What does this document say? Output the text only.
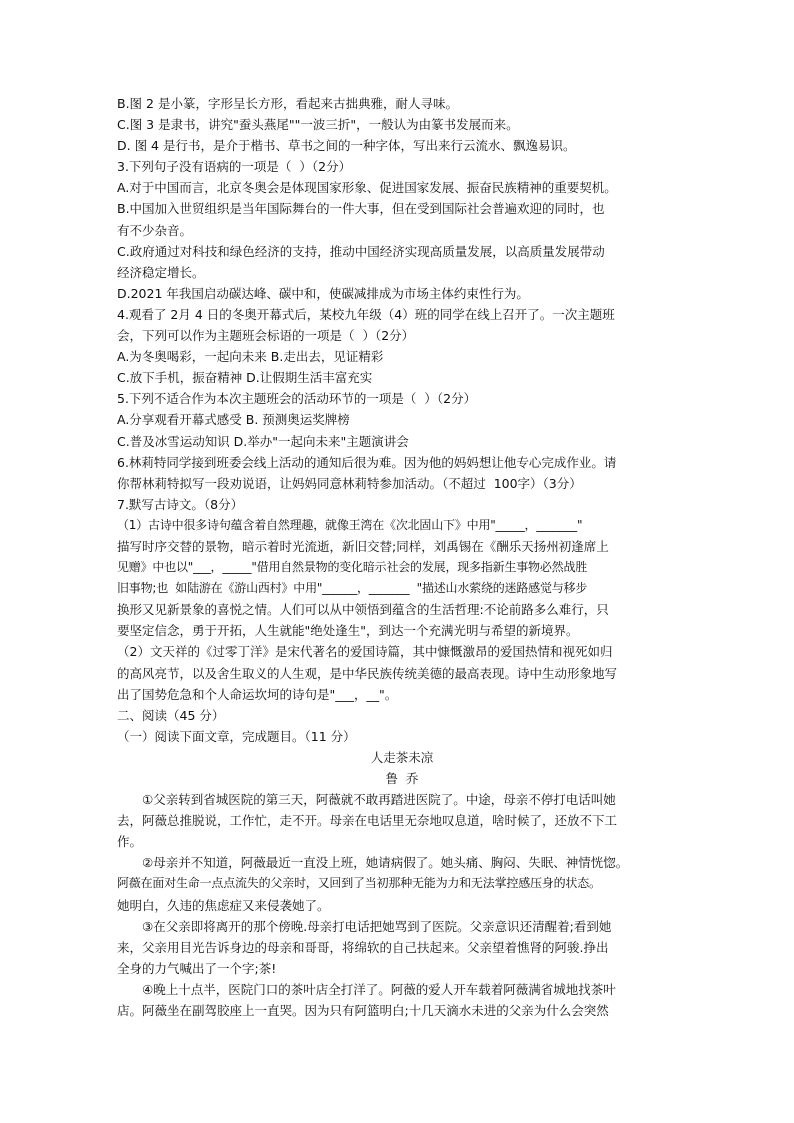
B.图 2 是小篆，字形呈长方形，看起来古拙典雅，耐人寻味。

C.图 3 是隶书，讲究"蚕头燕尾""一波三折"，一般认为由篆书发展而来。

D. 图 4 是行书，是介于楷书、草书之间的一种字体，写出来行云流水、飘逸易识。

3.下列句子没有语病的一项是（  ）（2分）

A.对于中国而言，北京冬奥会是体现国家形象、促进国家发展、振奋民族精神的重要契机。

B.中国加入世贸组织是当年国际舞台的一件大事，但在受到国际社会普遍欢迎的同时，也

有不少杂音。

C.政府通过对科技和绿色经济的支持，推动中国经济实现高质量发展，以高质量发展带动

经济稳定增长。

D.2021 年我国启动碳达峰、碳中和，使碳减排成为市场主体约束性行为。

4.观看了 2月 4 日的冬奥开幕式后，某校九年级（4）班的同学在线上召开了。一次主题班

会，下列可以作为主题班会标语的一项是（  ）（2分）

A.为冬奥喝彩，一起向未来 B.走出去，见证精彩

C.放下手机，振奋精神 D.让假期生活丰富充实

5.下列不适合作为本次主题班会的活动环节的一项是（  ）（2分）

A.分享观看开幕式感受 B. 预测奥运奖牌榜

C.普及冰雪运动知识 D.举办"一起向未来"主题演讲会

6.林莉特同学接到班委会线上活动的通知后很为难。因为他的妈妈想让他专心完成作业。请

你帮林莉特拟写一段劝说语，让妈妈同意林莉特参加活动。（不超过  100字）（3分）

7.默写古诗文。（8分）

（1）古诗中很多诗句蕴含着自然理趣，就像王湾在《次北固山下》中用"_____，_______"

描写时序交替的景物，暗示着时光流逝，新旧交替;同样，刘禹锡在《酬乐天扬州初逢席上

见赠》中也以"___，_____"借用自然景物的变化暗示社会的发展，现多指新生事物必然战胜

旧事物;也  如陆游在《游山西村》中用"______，_______  "描述山水萦绕的迷路感觉与移步

换形又见新景象的喜悦之情。人们可以从中领悟到蕴含的生活哲理:不论前路多么难行，只

要坚定信念，勇于开拓，人生就能"绝处逢生"，到达一个充满光明与希望的新境界。

（2）文天祥的《过零丁洋》是宋代著名的爱国诗篇，其中慷慨激昂的爱国热情和视死如归

的高风亮节，以及舍生取义的人生观，是中华民族传统美德的最高表现。诗中生动形象地写

出了国势危急和个人命运坎坷的诗句是"___，__"。

二、阅读（45 分）

（一）阅读下面文章，完成题目。（11 分）

人走茶未凉

鲁  乔

①父亲转到省城医院的第三天，阿薇就不敢再踏进医院了。中途，母亲不停打电话叫她

去，阿薇总推脱说，工作忙，走不开。母亲在电话里无奈地叹息道，啥时候了，还放不下工

作。

②母亲并不知道，阿薇最近一直没上班，她请病假了。她头痛、胸闷、失眠、神情恍惚。

阿薇在面对生命一点点流失的父亲时，又回到了当初那种无能为力和无法掌控感压身的状态。

她明白，久违的焦虑症又来侵袭她了。

③在父亲即将离开的那个傍晚.母亲打电话把她骂到了医院。父亲意识还清醒着;看到她

来，父亲用目光告诉身边的母亲和哥哥，将绵软的自己扶起来。父亲望着憔肾的阿骏.挣出

全身的力气喊出了一个字;茶!

④晚上十点半，医院门口的茶叶店全打洋了。阿薇的爱人开车载着阿薇满省城地找茶叶

店。阿薇坐在副驾胶座上一直哭。因为只有阿篮明白;十几天滴水未进的父亲为什么会突然
